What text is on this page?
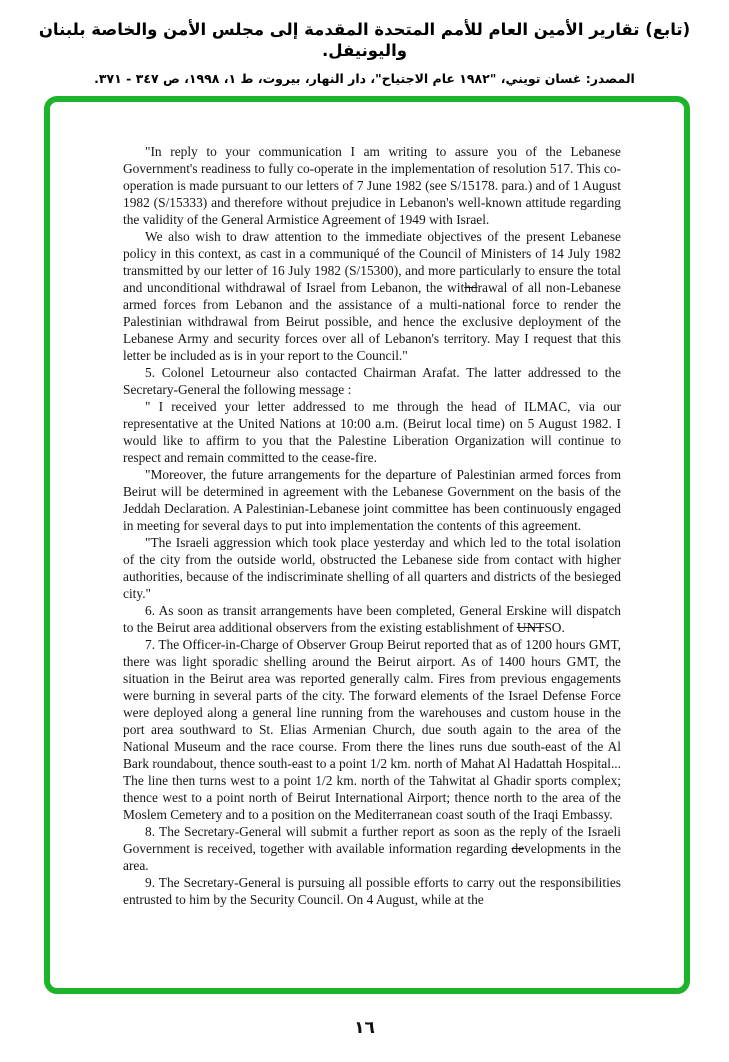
(تابع) تقارير الأمين العام للأمم المتحدة المقدمة إلى مجلس الأمن والخاصة بلبنان واليونيفل.
المصدر: غسان تويني، "١٩٨٢ عام الاجتياح"، دار النهار، بيروت، ط ١، ١٩٩٨، ص ٣٤٧ - ٣٧١.

"In reply to your communication I am writing to assure you of the Lebanese Government's readiness to fully co-operate in the implementation of resolution 517. This co-operation is made pursuant to our letters of 7 June 1982 (see S/15178. para.) and of 1 August 1982 (S/15333) and therefore without prejudice in Lebanon's well-known attitude regarding the validity of the General Armistice Agreement of 1949 with Israel.

We also wish to draw attention to the immediate objectives of the present Lebanese policy in this context, as cast in a communiqué of the Council of Ministers of 14 July 1982 transmitted by our letter of 16 July 1982 (S/15300), and more particularly to ensure the total and unconditional withdrawal of Israel from Lebanon, the withdrawal of all non-Lebanese armed forces from Lebanon and the assistance of a multi-national force to render the Palestinian withdrawal from Beirut possible, and hence the exclusive deployment of the Lebanese Army and security forces over all of Lebanon's territory. May I request that this letter be included as is in your report to the Council."

5. Colonel Letourneur also contacted Chairman Arafat. The latter addressed to the Secretary-General the following message :

" I received your letter addressed to me through the head of ILMAC, via our representative at the United Nations at 10:00 a.m. (Beirut local time) on 5 August 1982. I would like to affirm to you that the Palestine Liberation Organization will continue to respect and remain committed to the cease-fire.

"Moreover, the future arrangements for the departure of Palestinian armed forces from Beirut will be determined in agreement with the Lebanese Government on the basis of the Jeddah Declaration. A Palestinian-Lebanese joint committee has been continuously engaged in meeting for several days to put into implementation the contents of this agreement.

"The Israeli aggression which took place yesterday and which led to the total isolation of the city from the outside world, obstructed the Lebanese side from contact with higher authorities, because of the indiscriminate shelling of all quarters and districts of the besieged city."

6. As soon as transit arrangements have been completed, General Erskine will dispatch to the Beirut area additional observers from the existing establishment of UNTSO.

7. The Officer-in-Charge of Observer Group Beirut reported that as of 1200 hours GMT, there was light sporadic shelling around the Beirut airport. As of 1400 hours GMT, the situation in the Beirut area was reported generally calm. Fires from previous engagements were burning in several parts of the city. The forward elements of the Israel Defense Force were deployed along a general line running from the warehouses and custom house in the port area southward to St. Elias Armenian Church, due south again to the area of the National Museum and the race course. From there the lines runs due south-east of the Al Bark roundabout, thence south-east to a point 1/2 km. north of Mahat Al Hadattah Hospital... The line then turns west to a point 1/2 km. north of the Tahwitat al Ghadir sports complex; thence west to a point north of Beirut International Airport; thence north to the area of the Moslem Cemetery and to a position on the Mediterranean coast south of the Iraqi Embassy.

8. The Secretary-General will submit a further report as soon as the reply of the Israeli Government is received, together with available information regarding developments in the area.

9. The Secretary-General is pursuing all possible efforts to carry out the responsibilities entrusted to him by the Security Council. On 4 August, while at the

١٦
